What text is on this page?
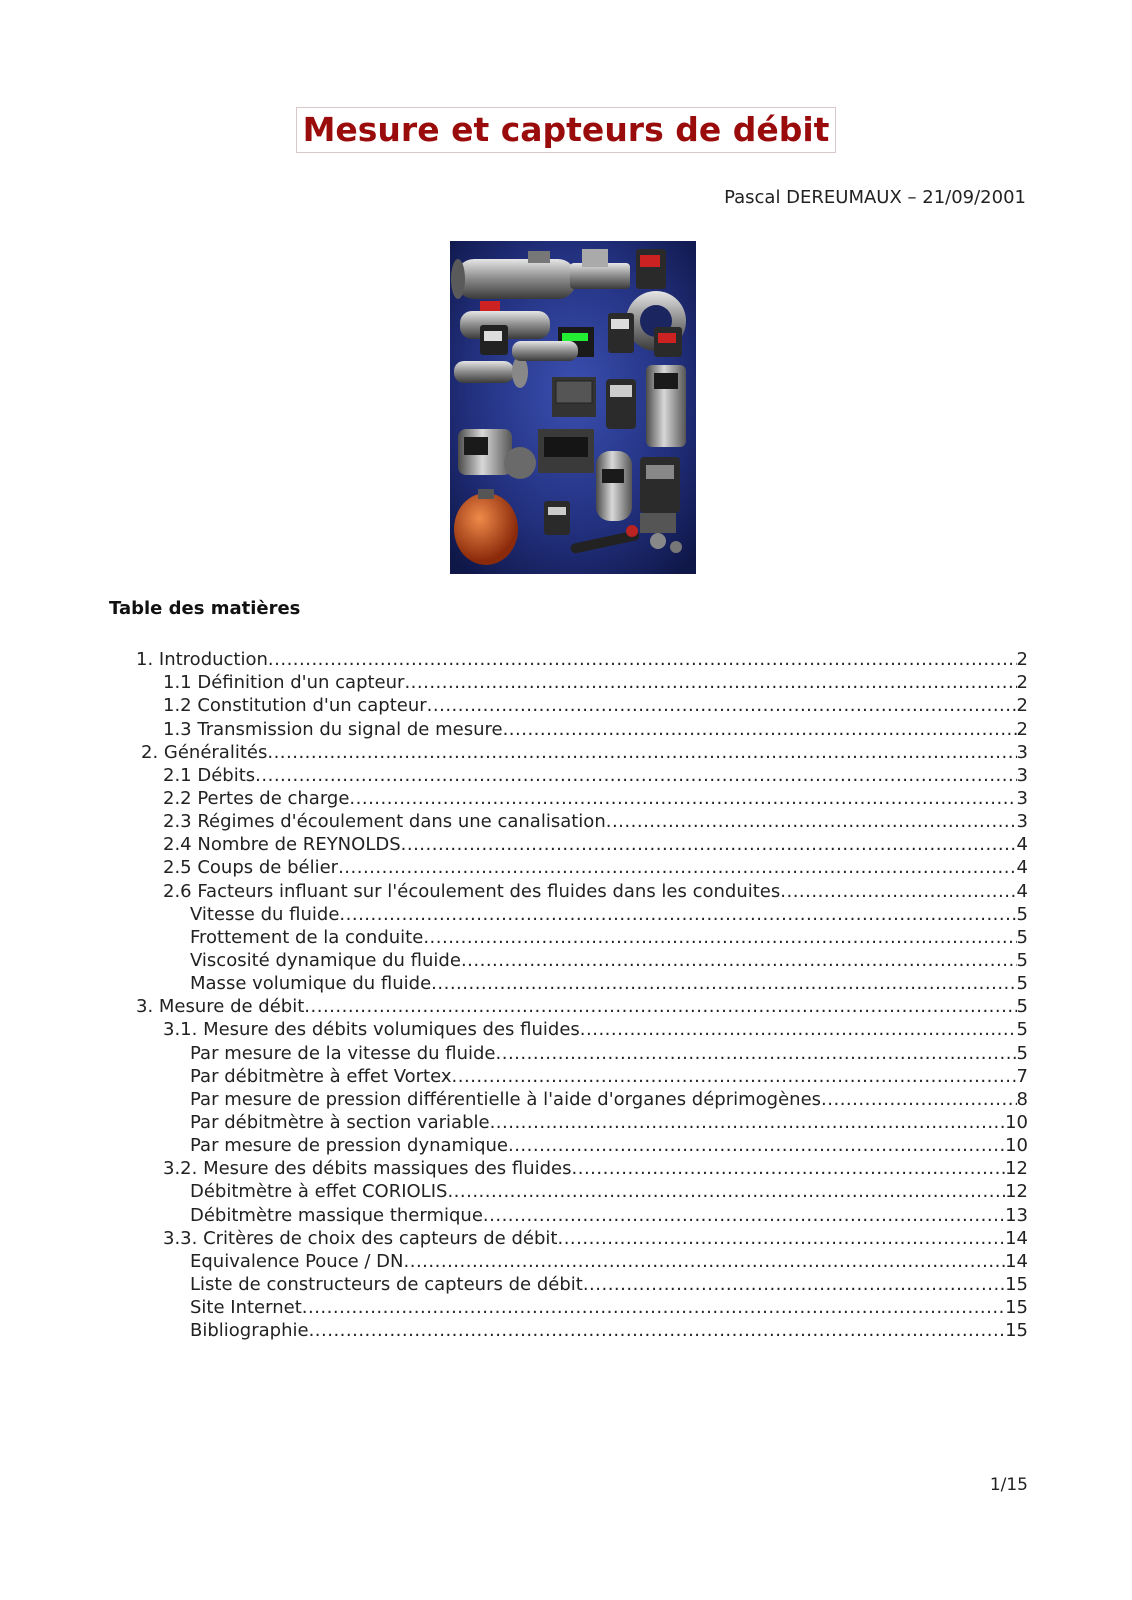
Mesure et capteurs de débit
Pascal DEREUMAUX – 21/09/2001
Table des matières
1. Introduction .....	2
1.1 Définition d'un capteur .....	2
1.2 Constitution d'un capteur .....	2
1.3 Transmission du signal de mesure .....	2
2. Généralités .....	3
2.1 Débits .....	3
2.2 Pertes de charge .....	3
2.3 Régimes d'écoulement dans une canalisation .....	3
2.4 Nombre de REYNOLDS .....	4
2.5 Coups de bélier .....	4
2.6 Facteurs influant sur l'écoulement des fluides dans les conduites .....	4
Vitesse du fluide .....	5
Frottement de la conduite .....	5
Viscosité dynamique du fluide .....	5
Masse volumique du fluide .....	5
3. Mesure de débit .....	5
3.1. Mesure des débits volumiques des fluides .....	5
Par mesure de la vitesse du fluide .....	5
Par débitmètre à effet Vortex .....	7
Par mesure de pression différentielle à l'aide d'organes déprimogènes .....	8
Par débitmètre à section variable .....	10
Par mesure de pression dynamique .....	10
3.2. Mesure des débits massiques des fluides .....	12
Débitmètre à effet CORIOLIS .....	12
Débitmètre massique thermique .....	13
3.3. Critères de choix des capteurs de débit .....	14
Equivalence Pouce / DN .....	14
Liste de constructeurs de capteurs de débit .....	15
Site Internet .....	15
Bibliographie .....	15
1/15
